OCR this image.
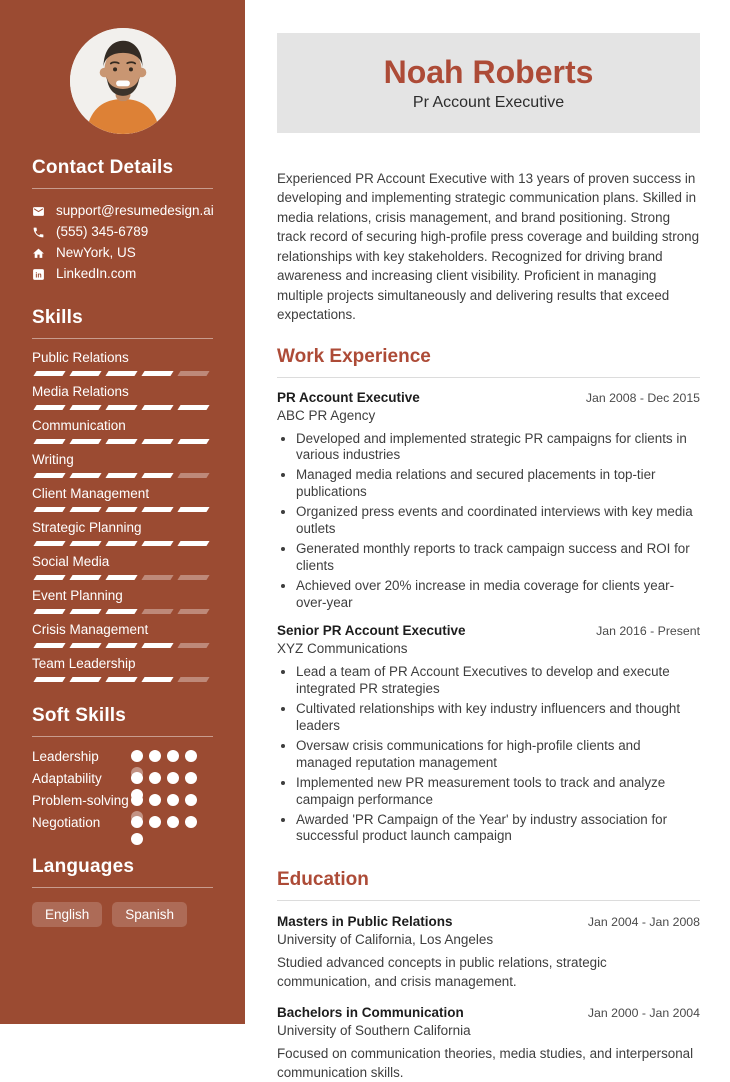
Contact Details
support@resumedesign.ai
(555) 345-6789
NewYork, US
in LinkedIn.com
Skills
Public Relations
Media Relations
Communication
Writing
Client Management
Strategic Planning
Social Media
Event Planning
Crisis Management
Team Leadership
Soft Skills
Leadership
Adaptability
Problem-solving
Negotiation
Languages
English	Spanish
Noah Roberts
Pr Account Executive

Experienced PR Account Executive with 13 years of proven success in developing and implementing strategic communication plans. Skilled in media relations, crisis management, and brand positioning. Strong track record of securing high-profile press coverage and building strong relationships with key stakeholders. Recognized for driving brand awareness and increasing client visibility. Proficient in managing multiple projects simultaneously and delivering results that exceed expectations.

Work Experience
PR Account Executive	Jan 2008 - Dec 2015
ABC PR Agency
• Developed and implemented strategic PR campaigns for clients in various industries
• Managed media relations and secured placements in top-tier publications
• Organized press events and coordinated interviews with key media outlets
• Generated monthly reports to track campaign success and ROI for clients
• Achieved over 20% increase in media coverage for clients year-over-year
Senior PR Account Executive	Jan 2016 - Present
XYZ Communications
• Lead a team of PR Account Executives to develop and execute integrated PR strategies
• Cultivated relationships with key industry influencers and thought leaders
• Oversaw crisis communications for high-profile clients and managed reputation management
• Implemented new PR measurement tools to track and analyze campaign performance
• Awarded 'PR Campaign of the Year' by industry association for successful product launch campaign
Education
Masters in Public Relations	Jan 2004 - Jan 2008
University of California, Los Angeles

Studied advanced concepts in public relations, strategic communication, and crisis management.

Bachelors in Communication	Jan 2000 - Jan 2004
University of Southern California

Focused on communication theories, media studies, and interpersonal communication skills.
